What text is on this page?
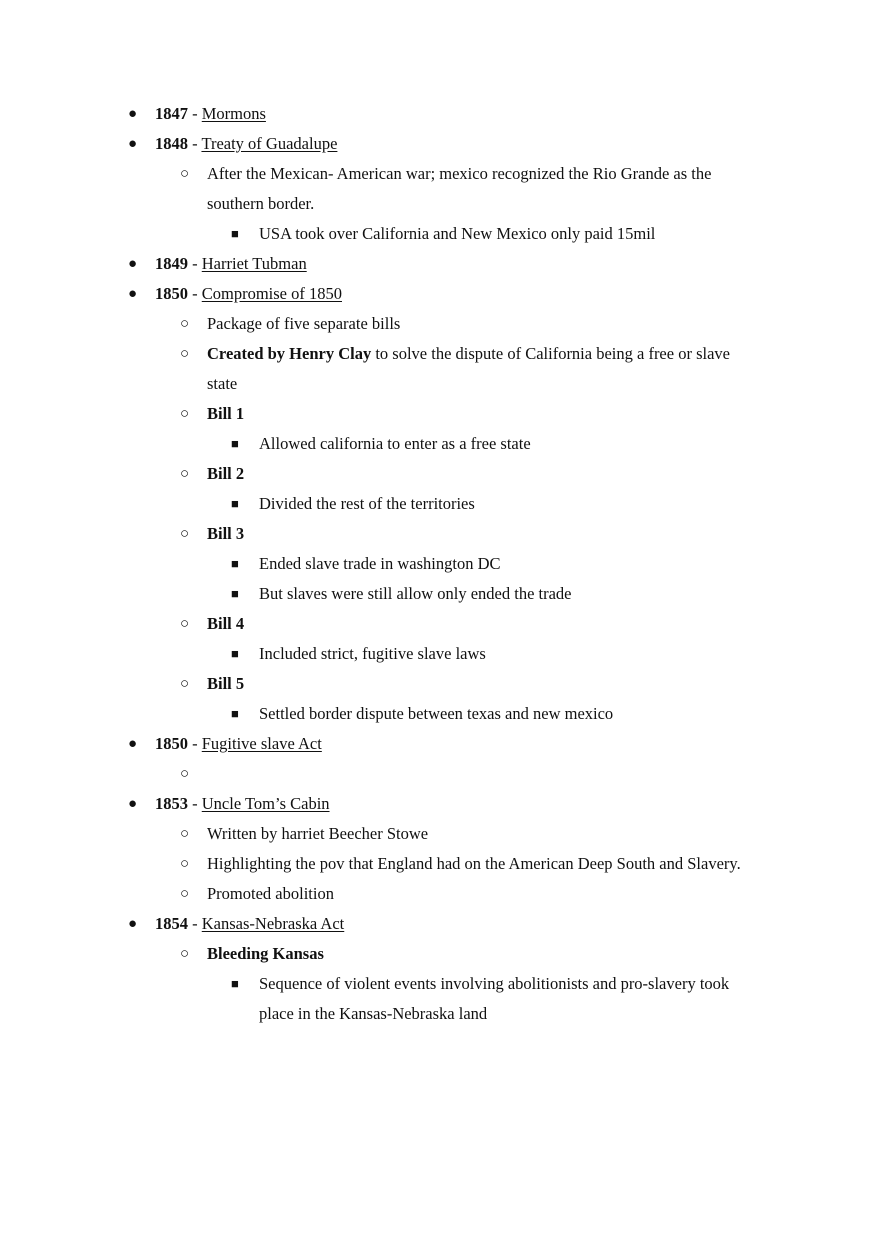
● 1847 - Mormons
● 1848 - Treaty of Guadalupe
○ After the Mexican- American war; mexico recognized the Rio Grande as the
southern border.
■ USA took over California and New Mexico only paid 15mil
● 1849 - Harriet Tubman
● 1850 - Compromise of 1850
○ Package of five separate bills
○ Created by Henry Clay to solve the dispute of California being a free or slave
state
○ Bill 1
■ Allowed california to enter as a free state
○ Bill 2
■ Divided the rest of the territories
○ Bill 3
■ Ended slave trade in washington DC
■ But slaves were still allow only ended the trade
○ Bill 4
■ Included strict, fugitive slave laws
○ Bill 5
■ Settled border dispute between texas and new mexico
● 1850 - Fugitive slave Act
○
● 1853 - Uncle Tom’s Cabin
○ Written by harriet Beecher Stowe
○ Highlighting the pov that England had on the American Deep South and Slavery.
○ Promoted abolition
● 1854 - Kansas-Nebraska Act
○ Bleeding Kansas
■ Sequence of violent events involving abolitionists and pro-slavery took
place in the Kansas-Nebraska land
